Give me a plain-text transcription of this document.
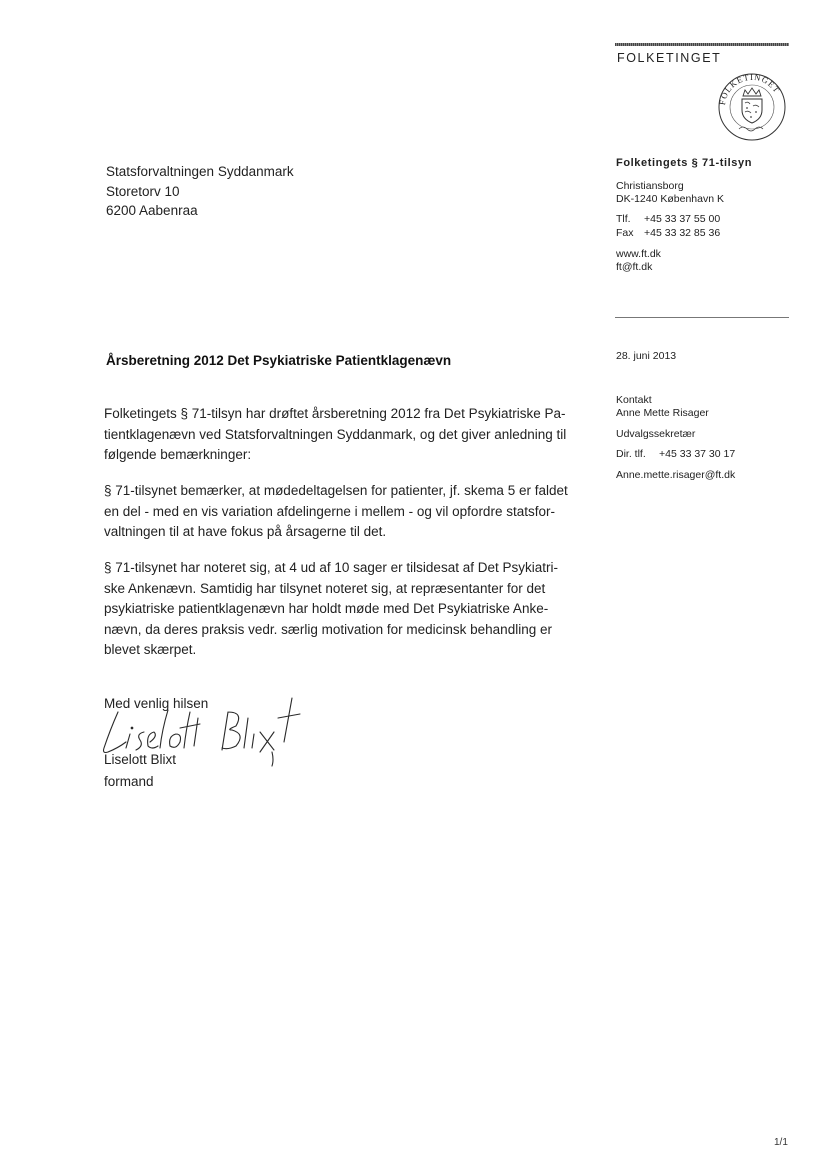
FOLKETINGET
FOLKETINGET
Folketingets § 71-tilsyn
Christiansborg
DK-1240 København K
Tlf.	+45 33 37 55 00
Fax +45 33 32 85 36
www.ft.dk
ft@ft.dk
28. juni 2013
Kontakt
Anne Mette Risager
Udvalgssekretær
Dir. tlf.	+45 33 37 30 17
Anne.mette.risager@ft.dk
Statsforvaltningen Syddanmark
Storetorv 10
6200 Aabenraa
Årsberetning 2012 Det Psykiatriske Patientklagenævn

Folketingets § 71-tilsyn har drøftet årsberetning 2012 fra Det Psykiatriske Pa-
tientklagenævn ved Statsforvaltningen Syddanmark, og det giver anledning til
følgende bemærkninger:

§ 71-tilsynet bemærker, at mødedeltagelsen for patienter, jf. skema 5 er faldet
en del - med en vis variation afdelingerne i mellem - og vil opfordre statsfor-
valtningen til at have fokus på årsagerne til det.

§ 71-tilsynet har noteret sig, at 4 ud af 10 sager er tilsidesat af Det Psykiatri-
ske Ankenævn. Samtidig har tilsynet noteret sig, at repræsentanter for det
psykiatriske patientklagenævn har holdt møde med Det Psykiatriske Anke-
nævn, da deres praksis vedr. særlig motivation for medicinsk behandling er
blevet skærpet.

Med venlig hilsen
Liselott Blixt
formand
1/1
